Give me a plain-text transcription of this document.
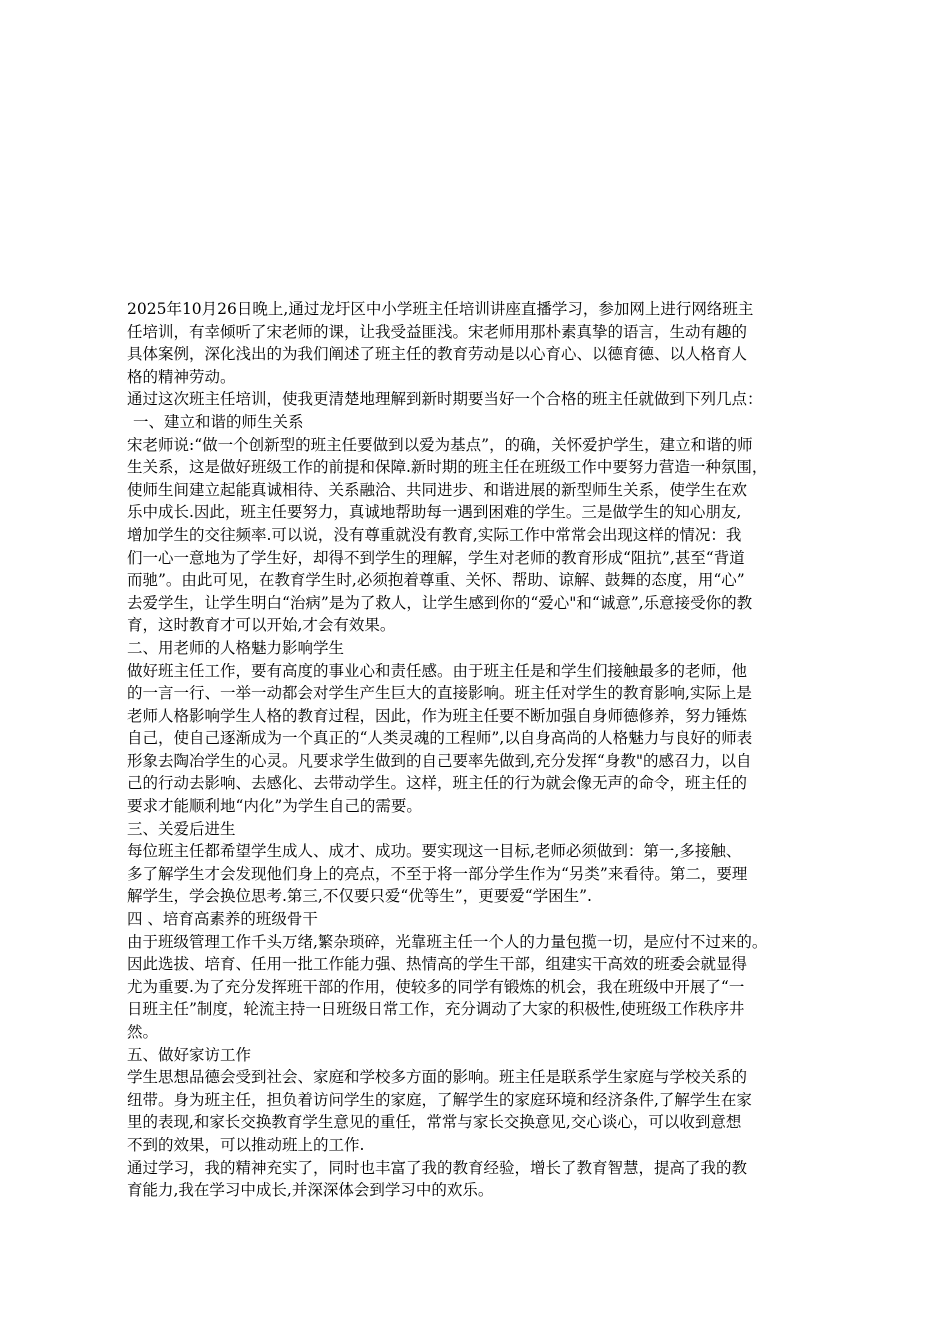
2025年10月26日晚上,通过龙圩区中小学班主任培训讲座直播学习，参加网上进行网络班主
任培训，有幸倾听了宋老师的课，让我受益匪浅。宋老师用那朴素真挚的语言，生动有趣的
具体案例，深化浅出的为我们阐述了班主任的教育劳动是以心育心、以德育德、以人格育人
格的精神劳动。
通过这次班主任培训，使我更清楚地理解到新时期要当好一个合格的班主任就做到下列几点：
一、建立和谐的师生关系
宋老师说:“做一个创新型的班主任要做到以爱为基点”，的确，关怀爱护学生，建立和谐的师
生关系，这是做好班级工作的前提和保障.新时期的班主任在班级工作中要努力营造一种氛围，
使师生间建立起能真诚相待、关系融洽、共同进步、和谐进展的新型师生关系，使学生在欢
乐中成长.因此，班主任要努力，真诚地帮助每一遇到困难的学生。三是做学生的知心朋友,
增加学生的交往频率.可以说，没有尊重就没有教育,实际工作中常常会出现这样的情况：我
们一心一意地为了学生好，却得不到学生的理解，学生对老师的教育形成“阻抗”,甚至“背道
而驰”。由此可见，在教育学生时,必须抱着尊重、关怀、帮助、谅解、鼓舞的态度，用“心”
去爱学生，让学生明白“治病”是为了救人，让学生感到你的“爱心"和“诚意”,乐意接受你的教
育，这时教育才可以开始,才会有效果。
二、用老师的人格魅力影响学生
做好班主任工作，要有高度的事业心和责任感。由于班主任是和学生们接触最多的老师，他
的一言一行、一举一动都会对学生产生巨大的直接影响。班主任对学生的教育影响,实际上是
老师人格影响学生人格的教育过程，因此，作为班主任要不断加强自身师德修养，努力锤炼
自己，使自己逐渐成为一个真正的“人类灵魂的工程师”,以自身高尚的人格魅力与良好的师表
形象去陶冶学生的心灵。凡要求学生做到的自己要率先做到,充分发挥“身教"的感召力，以自
己的行动去影响、去感化、去带动学生。这样，班主任的行为就会像无声的命令，班主任的
要求才能顺利地“内化”为学生自己的需要。
三、关爱后进生
每位班主任都希望学生成人、成才、成功。要实现这一目标,老师必须做到：第一,多接触、
多了解学生才会发现他们身上的亮点，不至于将一部分学生作为“另类”来看待。第二，要理
解学生，学会换位思考.第三,不仅要只爱“优等生”，更要爱“学困生”.
四 、培育高素养的班级骨干
由于班级管理工作千头万绪,繁杂琐碎，光靠班主任一个人的力量包揽一切，是应付不过来的。
因此选拔、培育、任用一批工作能力强、热情高的学生干部，组建实干高效的班委会就显得
尤为重要.为了充分发挥班干部的作用，使较多的同学有锻炼的机会，我在班级中开展了“一
日班主任”制度，轮流主持一日班级日常工作，充分调动了大家的积极性,使班级工作秩序井
然。
五、做好家访工作
学生思想品德会受到社会、家庭和学校多方面的影响。班主任是联系学生家庭与学校关系的
纽带。身为班主任，担负着访问学生的家庭，了解学生的家庭环境和经济条件,了解学生在家
里的表现,和家长交换教育学生意见的重任，常常与家长交换意见,交心谈心，可以收到意想
不到的效果，可以推动班上的工作.
通过学习，我的精神充实了，同时也丰富了我的教育经验，增长了教育智慧，提高了我的教
育能力,我在学习中成长,并深深体会到学习中的欢乐。
